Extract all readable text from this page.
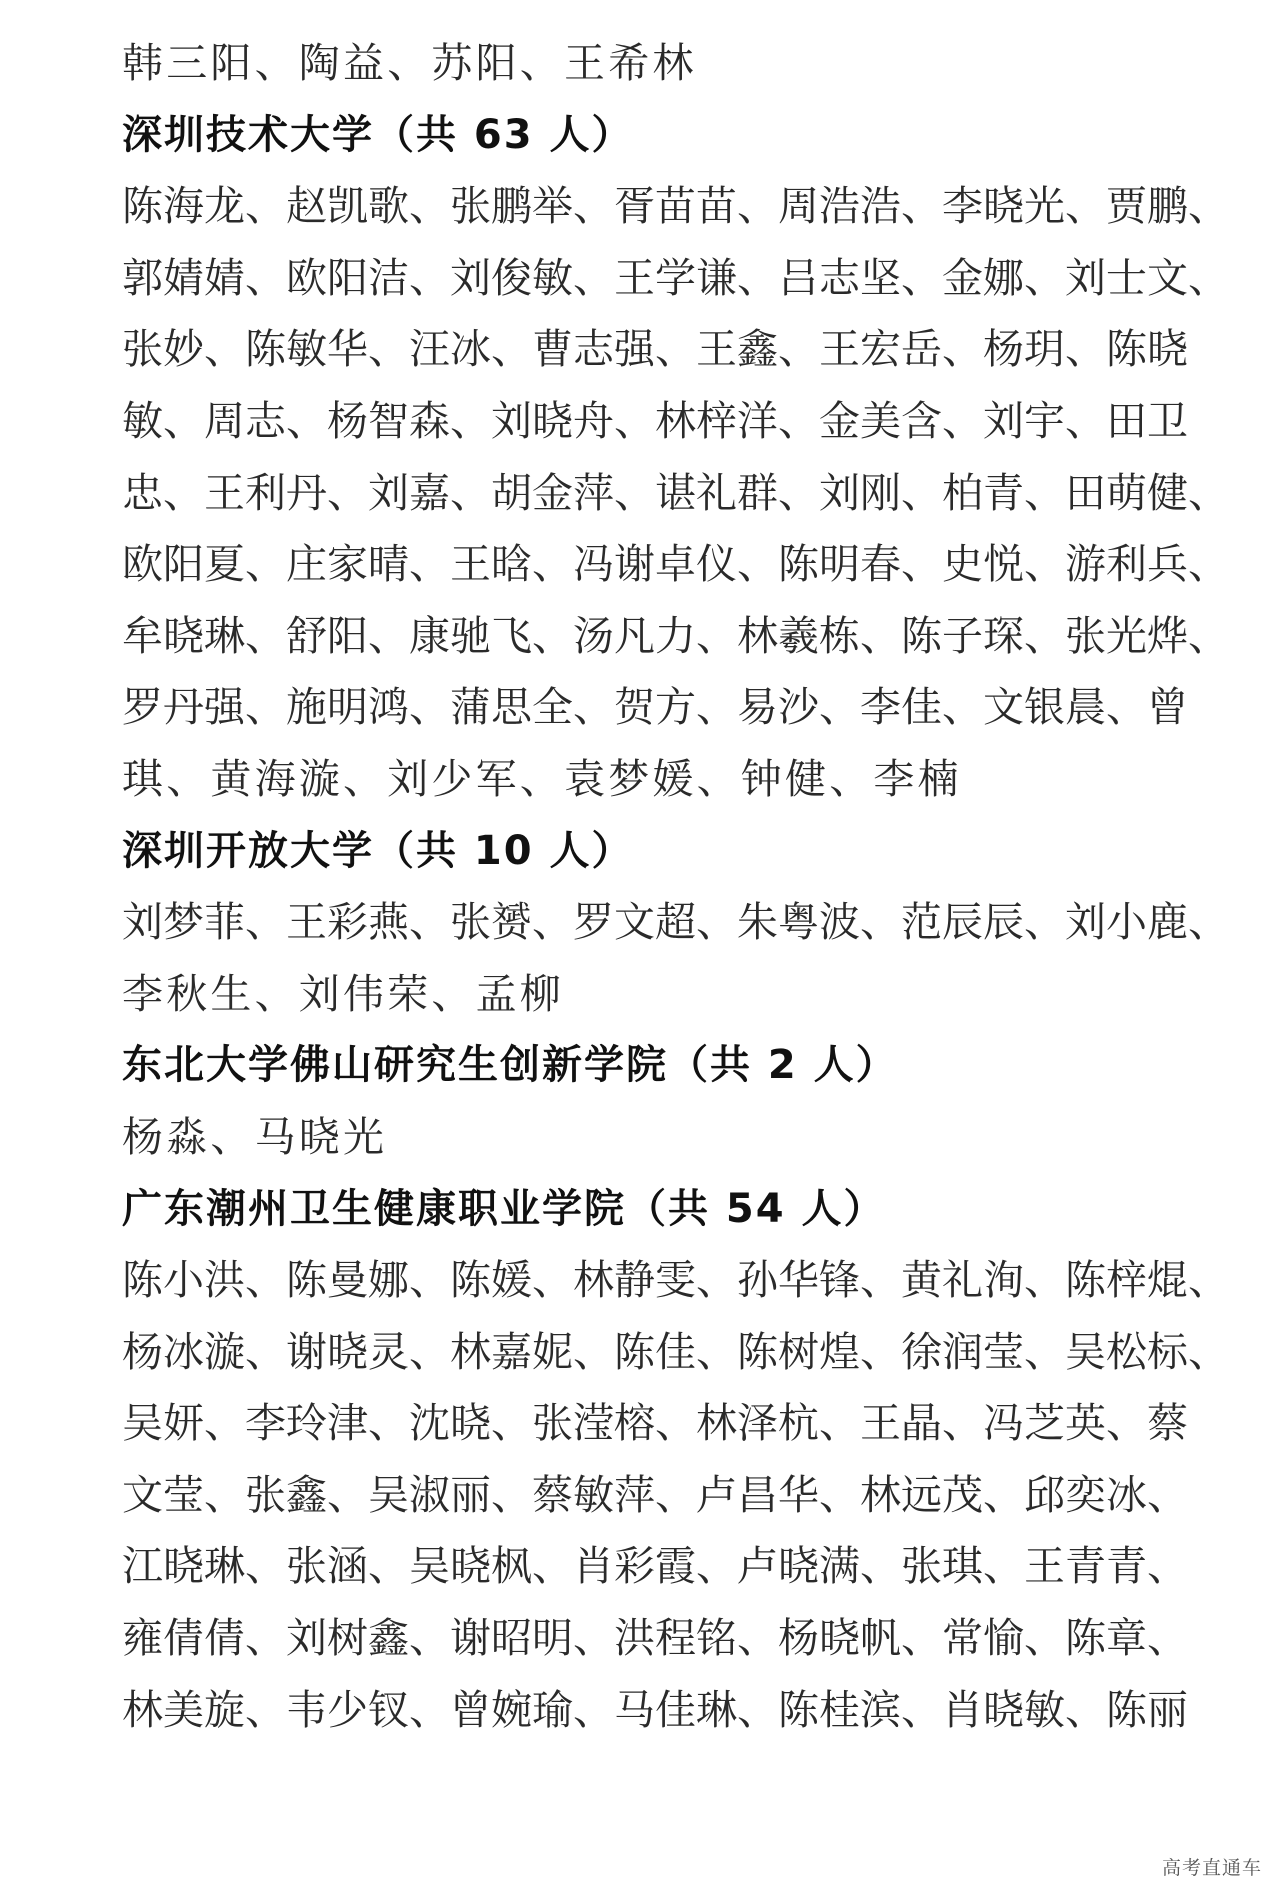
韩三阳、陶益、苏阳、王希林
深圳技术大学（共 63 人）
陈海龙、赵凯歌、张鹏举、胥苗苗、周浩浩、李晓光、贾鹏、
郭婧婧、欧阳洁、刘俊敏、王学谦、吕志坚、金娜、刘士文、
张妙、陈敏华、汪冰、曹志强、王鑫、王宏岳、杨玥、陈晓
敏、周志、杨智森、刘晓舟、林梓洋、金美含、刘宇、田卫
忠、王利丹、刘嘉、胡金萍、谌礼群、刘刚、柏青、田萌健、
欧阳夏、庄家晴、王晗、冯谢卓仪、陈明春、史悦、游利兵、
牟晓琳、舒阳、康驰飞、汤凡力、林羲栋、陈子琛、张光烨、
罗丹强、施明鸿、蒲思全、贺方、易沙、李佳、文银晨、曾
琪、黄海漩、刘少军、袁梦媛、钟健、李楠
深圳开放大学（共 10 人）
刘梦菲、王彩燕、张赟、罗文超、朱粤波、范辰辰、刘小鹿、
李秋生、刘伟荣、孟柳
东北大学佛山研究生创新学院（共 2 人）
杨淼、马晓光
广东潮州卫生健康职业学院（共 54 人）
陈小洪、陈曼娜、陈媛、林静雯、孙华锋、黄礼洵、陈梓焜、
杨冰漩、谢晓灵、林嘉妮、陈佳、陈树煌、徐润莹、吴松标、
吴妍、李玲津、沈晓、张滢榕、林泽杭、王晶、冯芝英、蔡
文莹、张鑫、吴淑丽、蔡敏萍、卢昌华、林远茂、邱奕冰、
江晓琳、张涵、吴晓枫、肖彩霞、卢晓满、张琪、王青青、
雍倩倩、刘树鑫、谢昭明、洪程铭、杨晓帆、常愉、陈章、
林美旋、韦少钗、曾婉瑜、马佳琳、陈桂滨、肖晓敏、陈丽
高考直通车
